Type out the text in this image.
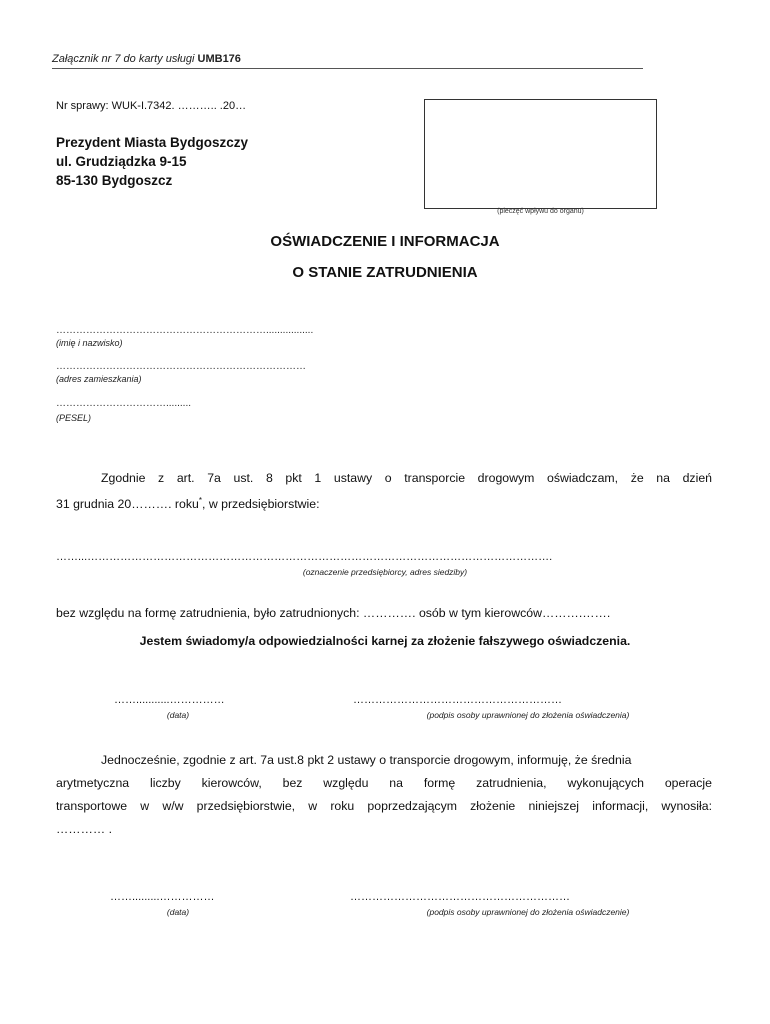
Załącznik nr 7 do karty usługi UMB176
Nr sprawy: WUK-I.7342. ……….. .20…
Prezydent Miasta Bydgoszczy
ul. Grudziądzka 9-15
85-130 Bydgoszcz
(pieczęć wpływu do organu)
OŚWIADCZENIE I INFORMACJA
O STANIE ZATRUDNIENIA
……………………………………………………….................
(imię i nazwisko)
…………………………………………………………………
(adres zamieszkania)
…………………………….........
(PESEL)
Zgodnie z art. 7a ust. 8 pkt 1 ustawy o transporcie drogowym oświadczam, że na dzień
31 grudnia 20………. roku*, w przedsiębiorstwie:
……...……………………………………………………………………………………………………………….
(oznaczenie przedsiębiorcy, adres siedziby)
bez względu na formę zatrudnienia, było zatrudnionych: …………. osób w tym kierowców……….…….
Jestem świadomy/a odpowiedzialności karnej za złożenie fałszywego oświadczenia.
……...........……………
(data)
…………………………………………………
(podpis osoby uprawnionej do złożenia oświadczenia)
Jednocześnie, zgodnie z art. 7a ust.8 pkt 2 ustawy o transporcie drogowym, informuję, że średnia
arytmetyczna liczby kierowców, bez względu na formę zatrudnienia, wykonujących operacje
transportowe w w/w przedsiębiorstwie, w roku poprzedzającym złożenie niniejszej informacji, wynosiła:
………… .
…….........……………
(data)
……………………………………………………
(podpis osoby uprawnionej do złożenia oświadczenie)
